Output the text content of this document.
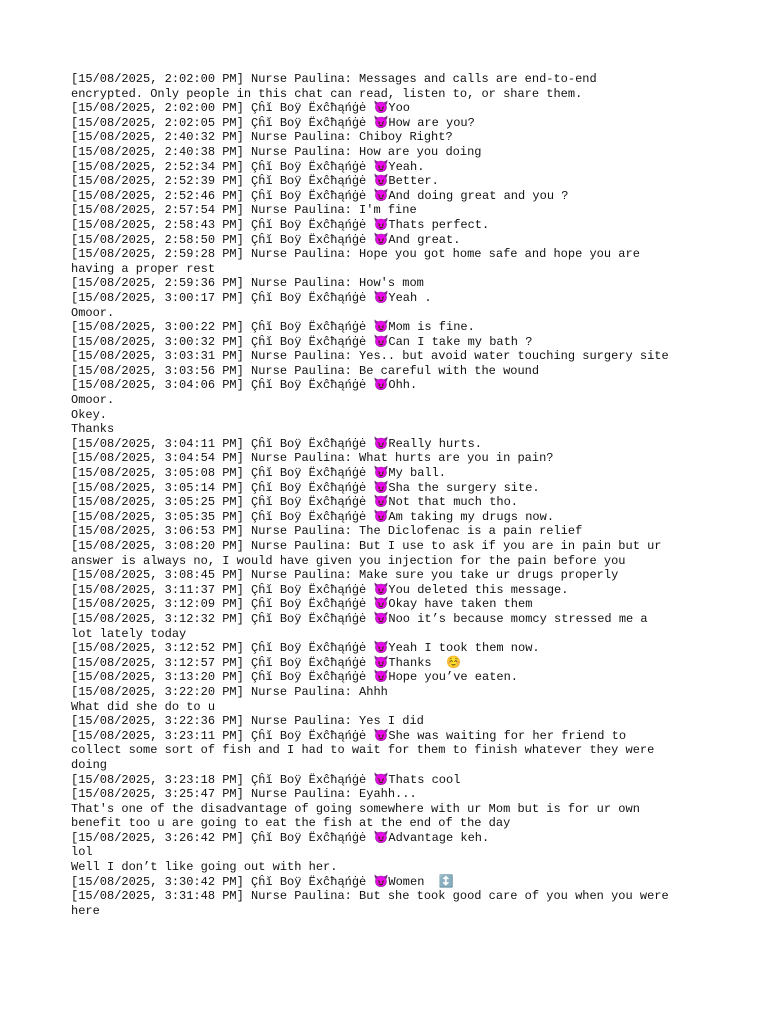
[15/08/2025, 2:02:00 PM] Nurse Paulina: Messages and calls are end-to-end
encrypted. Only people in this chat can read, listen to, or share them.
[15/08/2025, 2:02:00 PM] Çĥĭ Boÿ Ëxĉħąńġė 😈Yoo
[15/08/2025, 2:02:05 PM] Çĥĭ Boÿ Ëxĉħąńġė 😈How are you?
[15/08/2025, 2:40:32 PM] Nurse Paulina: Chiboy Right?
[15/08/2025, 2:40:38 PM] Nurse Paulina: How are you doing
[15/08/2025, 2:52:34 PM] Çĥĭ Boÿ Ëxĉħąńġė 😈Yeah.
[15/08/2025, 2:52:39 PM] Çĥĭ Boÿ Ëxĉħąńġė 😈Better.
[15/08/2025, 2:52:46 PM] Çĥĭ Boÿ Ëxĉħąńġė 😈And doing great and you ?
[15/08/2025, 2:57:54 PM] Nurse Paulina: I'm fine
[15/08/2025, 2:58:43 PM] Çĥĭ Boÿ Ëxĉħąńġė 😈Thats perfect.
[15/08/2025, 2:58:50 PM] Çĥĭ Boÿ Ëxĉħąńġė 😈And great.
[15/08/2025, 2:59:28 PM] Nurse Paulina: Hope you got home safe and hope you are
having a proper rest
[15/08/2025, 2:59:36 PM] Nurse Paulina: How's mom
[15/08/2025, 3:00:17 PM] Çĥĭ Boÿ Ëxĉħąńġė 😈Yeah .
Omoor.
[15/08/2025, 3:00:22 PM] Çĥĭ Boÿ Ëxĉħąńġė 😈Mom is fine.
[15/08/2025, 3:00:32 PM] Çĥĭ Boÿ Ëxĉħąńġė 😈Can I take my bath ?
[15/08/2025, 3:03:31 PM] Nurse Paulina: Yes.. but avoid water touching surgery site
[15/08/2025, 3:03:56 PM] Nurse Paulina: Be careful with the wound
[15/08/2025, 3:04:06 PM] Çĥĭ Boÿ Ëxĉħąńġė 😈Ohh.
Omoor.
Okey.
Thanks
[15/08/2025, 3:04:11 PM] Çĥĭ Boÿ Ëxĉħąńġė 😈Really hurts.
[15/08/2025, 3:04:54 PM] Nurse Paulina: What hurts are you in pain?
[15/08/2025, 3:05:08 PM] Çĥĭ Boÿ Ëxĉħąńġė 😈My ball.
[15/08/2025, 3:05:14 PM] Çĥĭ Boÿ Ëxĉħąńġė 😈Sha the surgery site.
[15/08/2025, 3:05:25 PM] Çĥĭ Boÿ Ëxĉħąńġė 😈Not that much tho.
[15/08/2025, 3:05:35 PM] Çĥĭ Boÿ Ëxĉħąńġė 😈Am taking my drugs now.
[15/08/2025, 3:06:53 PM] Nurse Paulina: The Diclofenac is a pain relief
[15/08/2025, 3:08:20 PM] Nurse Paulina: But I use to ask if you are in pain but ur
answer is always no, I would have given you injection for the pain before you
[15/08/2025, 3:08:45 PM] Nurse Paulina: Make sure you take ur drugs properly
[15/08/2025, 3:11:37 PM] Çĥĭ Boÿ Ëxĉħąńġė 😈You deleted this message.
[15/08/2025, 3:12:09 PM] Çĥĭ Boÿ Ëxĉħąńġė 😈Okay have taken them
[15/08/2025, 3:12:32 PM] Çĥĭ Boÿ Ëxĉħąńġė 😈Noo it’s because momcy stressed me a
lot lately today
[15/08/2025, 3:12:52 PM] Çĥĭ Boÿ Ëxĉħąńġė 😈Yeah I took them now.
[15/08/2025, 3:12:57 PM] Çĥĭ Boÿ Ëxĉħąńġė 😈Thanks  ☺️
[15/08/2025, 3:13:20 PM] Çĥĭ Boÿ Ëxĉħąńġė 😈Hope you’ve eaten.
[15/08/2025, 3:22:20 PM] Nurse Paulina: Ahhh
What did she do to u
[15/08/2025, 3:22:36 PM] Nurse Paulina: Yes I did
[15/08/2025, 3:23:11 PM] Çĥĭ Boÿ Ëxĉħąńġė 😈She was waiting for her friend to
collect some sort of fish and I had to wait for them to finish whatever they were
doing
[15/08/2025, 3:23:18 PM] Çĥĭ Boÿ Ëxĉħąńġė 😈Thats cool
[15/08/2025, 3:25:47 PM] Nurse Paulina: Eyahh...
That's one of the disadvantage of going somewhere with ur Mom but is for ur own
benefit too u are going to eat the fish at the end of the day
[15/08/2025, 3:26:42 PM] Çĥĭ Boÿ Ëxĉħąńġė 😈Advantage keh.
lol
Well I don’t like going out with her.
[15/08/2025, 3:30:42 PM] Çĥĭ Boÿ Ëxĉħąńġė 😈Women  ↕️
[15/08/2025, 3:31:48 PM] Nurse Paulina: But she took good care of you when you were
here
